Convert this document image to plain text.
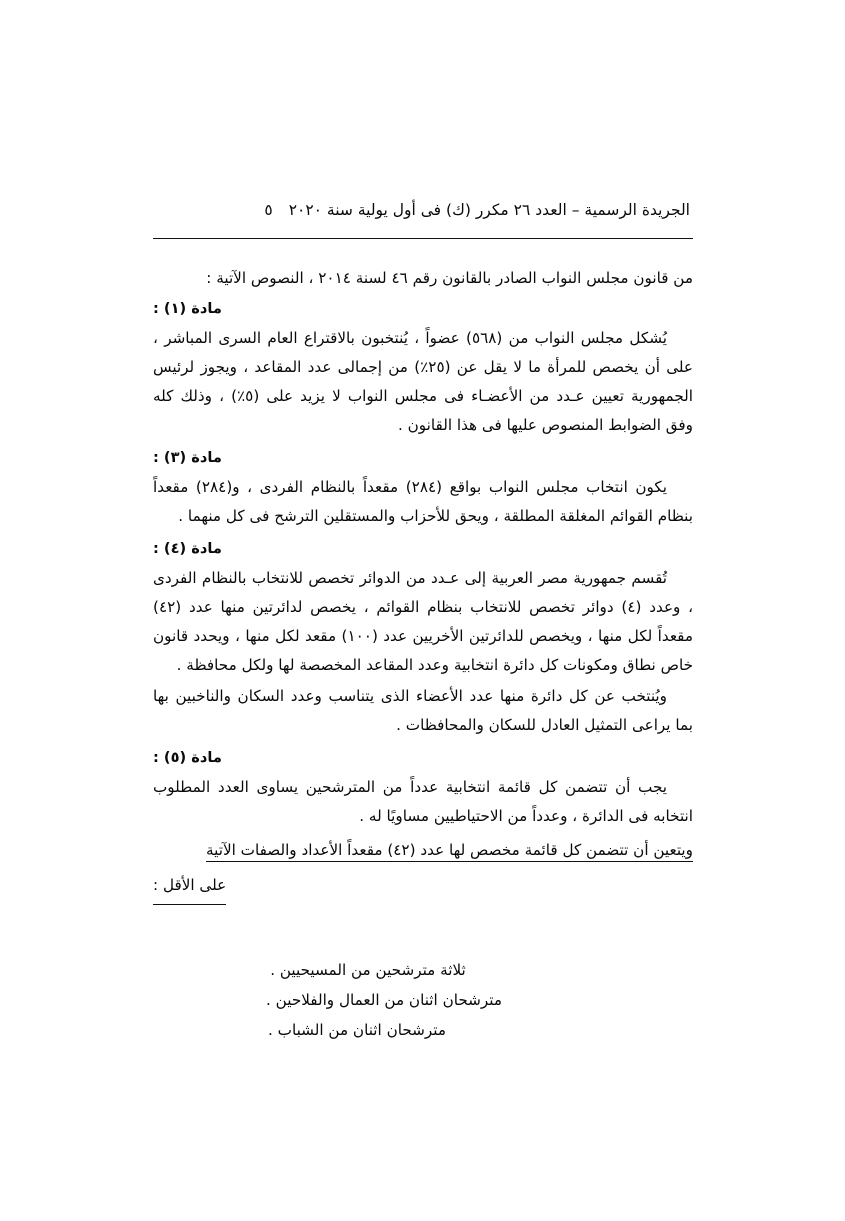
الجريدة الرسمية – العدد ٢٦ مكرر (ك) فى أول يولية سنة ٢٠٢٠
٥

من قانون مجلس النواب الصادر بالقانون رقم ٤٦ لسنة ٢٠١٤ ، النصوص الآتية :

مادة (١) :

يُشكل مجلس النواب من (٥٦٨) عضواً ، يُنتخبون بالاقتراع العام السرى المباشر ، على أن يخصص للمرأة ما لا يقل عن (٢٥٪) من إجمالى عدد المقاعد ، ويجوز لرئيس الجمهورية تعيين عـدد من الأعضـاء فى مجلس النواب لا يزيد على (٥٪) ، وذلك كله وفق الضوابط المنصوص عليها فى هذا القانون .

مادة (٣) :

يكون انتخاب مجلس النواب بواقع (٢٨٤) مقعداً بالنظام الفردى ، و(٢٨٤) مقعداً بنظام القوائم المغلقة المطلقة ، ويحق للأحزاب والمستقلين الترشح فى كل منهما .

مادة (٤) :

تُقسم جمهورية مصر العربية إلى عـدد من الدوائر تخصص للانتخاب بالنظام الفردى ، وعدد (٤) دوائر تخصص للانتخاب بنظام القوائم ، يخصص لدائرتين منها عدد (٤٢) مقعداً لكل منها ، ويخصص للدائرتين الأخريين عدد (١٠٠) مقعد لكل منها ، ويحدد قانون خاص نطاق ومكونات كل دائرة انتخابية وعدد المقاعد المخصصة لها ولكل محافظة .

ويُنتخب عن كل دائرة منها عدد الأعضاء الذى يتناسب وعدد السكان والناخبين بها بما يراعى التمثيل العادل للسكان والمحافظات .

مادة (٥) :

يجب أن تتضمن كل قائمة انتخابية عدداً من المترشحين يساوى العدد المطلوب انتخابه فى الدائرة ، وعدداً من الاحتياطيين مساويًا له .

ويتعين أن تتضمن كل قائمة مخصص لها عدد (٤٢) مقعداً الأعداد والصفات الآتية

على الأقل :

ثلاثة مترشحين من المسيحيين .

مترشحان اثنان من العمال والفلاحين .

مترشحان اثنان من الشباب .
